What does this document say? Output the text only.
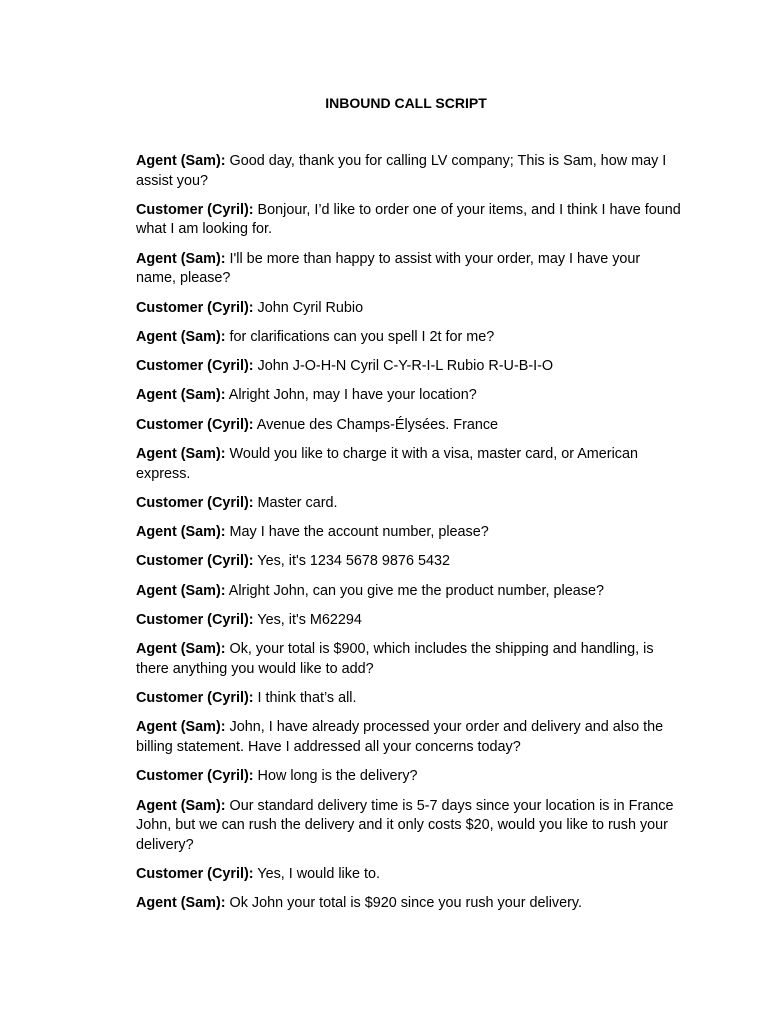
INBOUND CALL SCRIPT
Agent (Sam): Good day, thank you for calling LV company; This is Sam, how may I assist you?
Customer (Cyril): Bonjour, I’d like to order one of your items, and I think I have found what I am looking for.
Agent (Sam): I'll be more than happy to assist with your order, may I have your name, please?
Customer (Cyril): John Cyril Rubio
Agent (Sam): for clarifications can you spell I 2t for me?
Customer (Cyril): John J-O-H-N Cyril C-Y-R-I-L Rubio R-U-B-I-O
Agent (Sam): Alright John, may I have your location?
Customer (Cyril): Avenue des Champs-Élysées. France
Agent (Sam): Would you like to charge it with a visa, master card, or American express.
Customer (Cyril): Master card.
Agent (Sam): May I have the account number, please?
Customer (Cyril): Yes, it's 1234 5678 9876 5432
Agent (Sam): Alright John, can you give me the product number, please?
Customer (Cyril): Yes, it's M62294
Agent (Sam): Ok, your total is $900, which includes the shipping and handling, is there anything you would like to add?
Customer (Cyril): I think that’s all.
Agent (Sam): John, I have already processed your order and delivery and also the billing statement. Have I addressed all your concerns today?
Customer (Cyril): How long is the delivery?
Agent (Sam): Our standard delivery time is 5-7 days since your location is in France John, but we can rush the delivery and it only costs $20, would you like to rush your delivery?
Customer (Cyril): Yes, I would like to.
Agent (Sam): Ok John your total is $920 since you rush your delivery.
